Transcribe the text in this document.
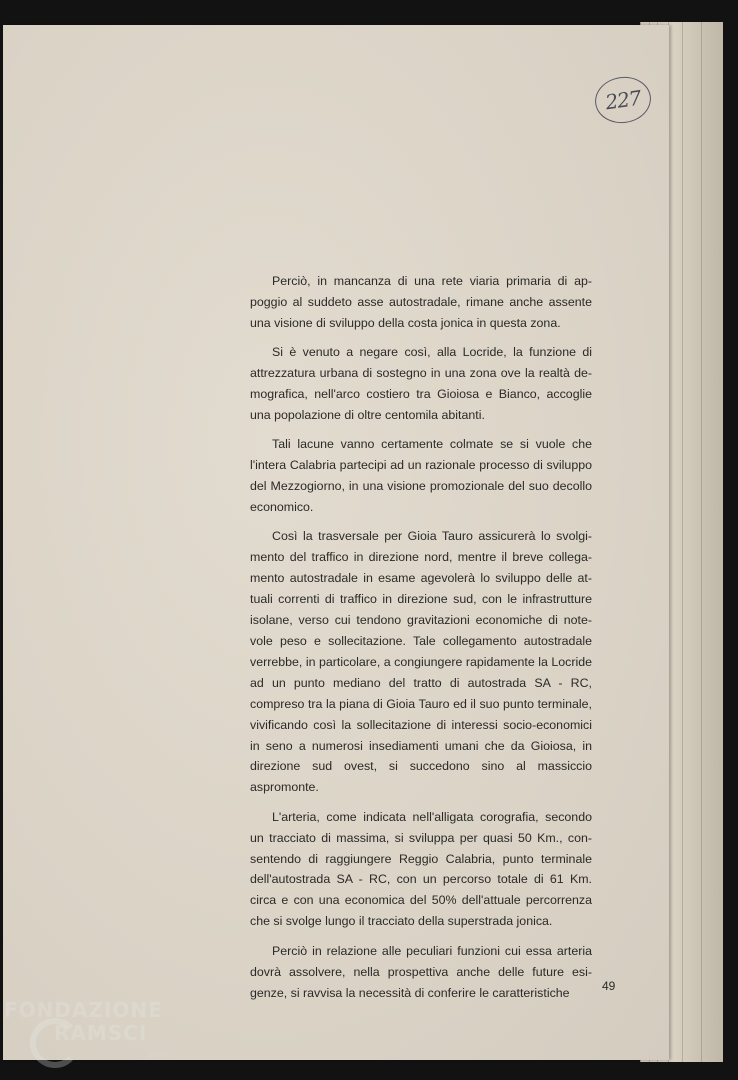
227

Perciò, in mancanza di una rete viaria primaria di appoggio al suddeto asse autostradale, rimane anche assente una visione di sviluppo della costa jonica in questa zona.

Si è venuto a negare così, alla Locride, la funzione di attrezzatura urbana di sostegno in una zona ove la realtà demografica, nell'arco costiero tra Gioiosa e Bianco, accoglie una popolazione di oltre centomila abitanti.

Tali lacune vanno certamente colmate se si vuole che l'intera Calabria partecipi ad un razionale processo di sviluppo del Mezzogiorno, in una visione promozionale del suo decollo economico.

Così la trasversale per Gioia Tauro assicurerà lo svolgimento del traffico in direzione nord, mentre il breve collegamento autostradale in esame agevolerà lo sviluppo delle attuali correnti di traffico in direzione sud, con le infrastrutture isolane, verso cui tendono gravitazioni economiche di notevole peso e sollecitazione. Tale collegamento autostradale verrebbe, in particolare, a congiungere rapidamente la Locride ad un punto mediano del tratto di autostrada SA - RC, compreso tra la piana di Gioia Tauro ed il suo punto terminale, vivificando così la sollecitazione di interessi socio-economici in seno a numerosi insediamenti umani che da Gioiosa, in direzione sud ovest, si succedono sino al massiccio aspromonte.

L'arteria, come indicata nell'alligata corografia, secondo un tracciato di massima, si sviluppa per quasi 50 Km., consentendo di raggiungere Reggio Calabria, punto terminale dell'autostrada SA - RC, con un percorso totale di 61 Km. circa e con una economica del 50% dell'attuale percorrenza che si svolge lungo il tracciato della superstrada jonica.

Perciò in relazione alle peculiari funzioni cui essa arteria dovrà assolvere, nella prospettiva anche delle future esigenze, si ravvisa la necessità di conferire le caratteristiche	49
FONDAZIONE
RAMSCI
onlus
